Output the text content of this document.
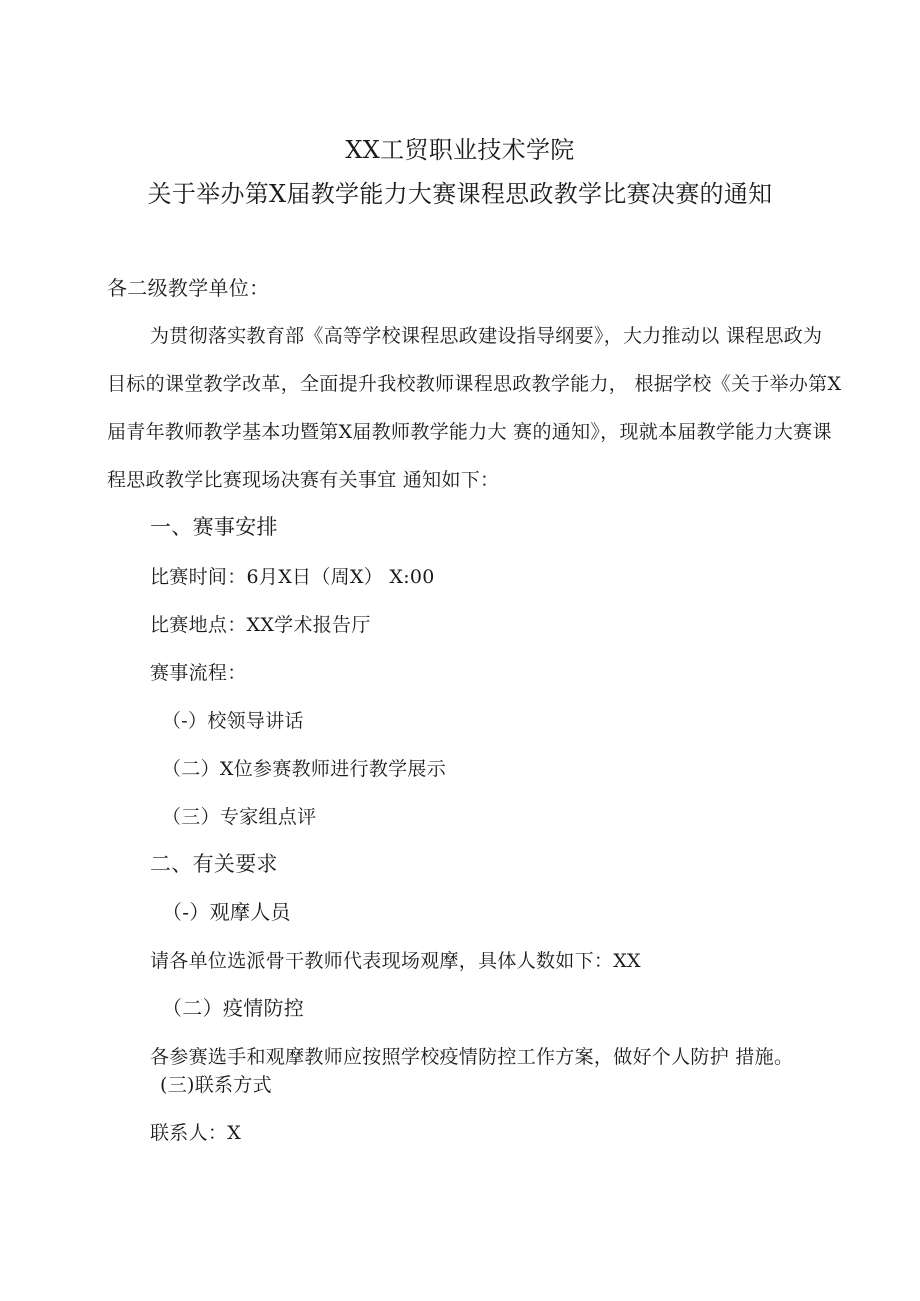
XX工贸职业技术学院
关于举办第X届教学能力大赛课程思政教学比赛决赛的通知
各二级教学单位：
为贯彻落实教育部《高等学校课程思政建设指导纲要》，大力推动以 课程思政为
目标的课堂教学改革，全面提升我校教师课程思政教学能力， 根据学校《关于举办第X
届青年教师教学基本功暨第X届教师教学能力大 赛的通知》，现就本届教学能力大赛课
程思政教学比赛现场决赛有关事宜 通知如下：
一、赛事安排
比赛时间：6月X日（周X） X:00
比赛地点：XX学术报告厅
赛事流程：
（-）校领导讲话
（二）X位参赛教师进行教学展示
（三）专家组点评
二、有关要求
（-）观摩人员
请各单位选派骨干教师代表现场观摩，具体人数如下：XX
（二）疫情防控
各参赛选手和观摩教师应按照学校疫情防控工作方案，做好个人防护 措施。
(三)联系方式
联系人：X
